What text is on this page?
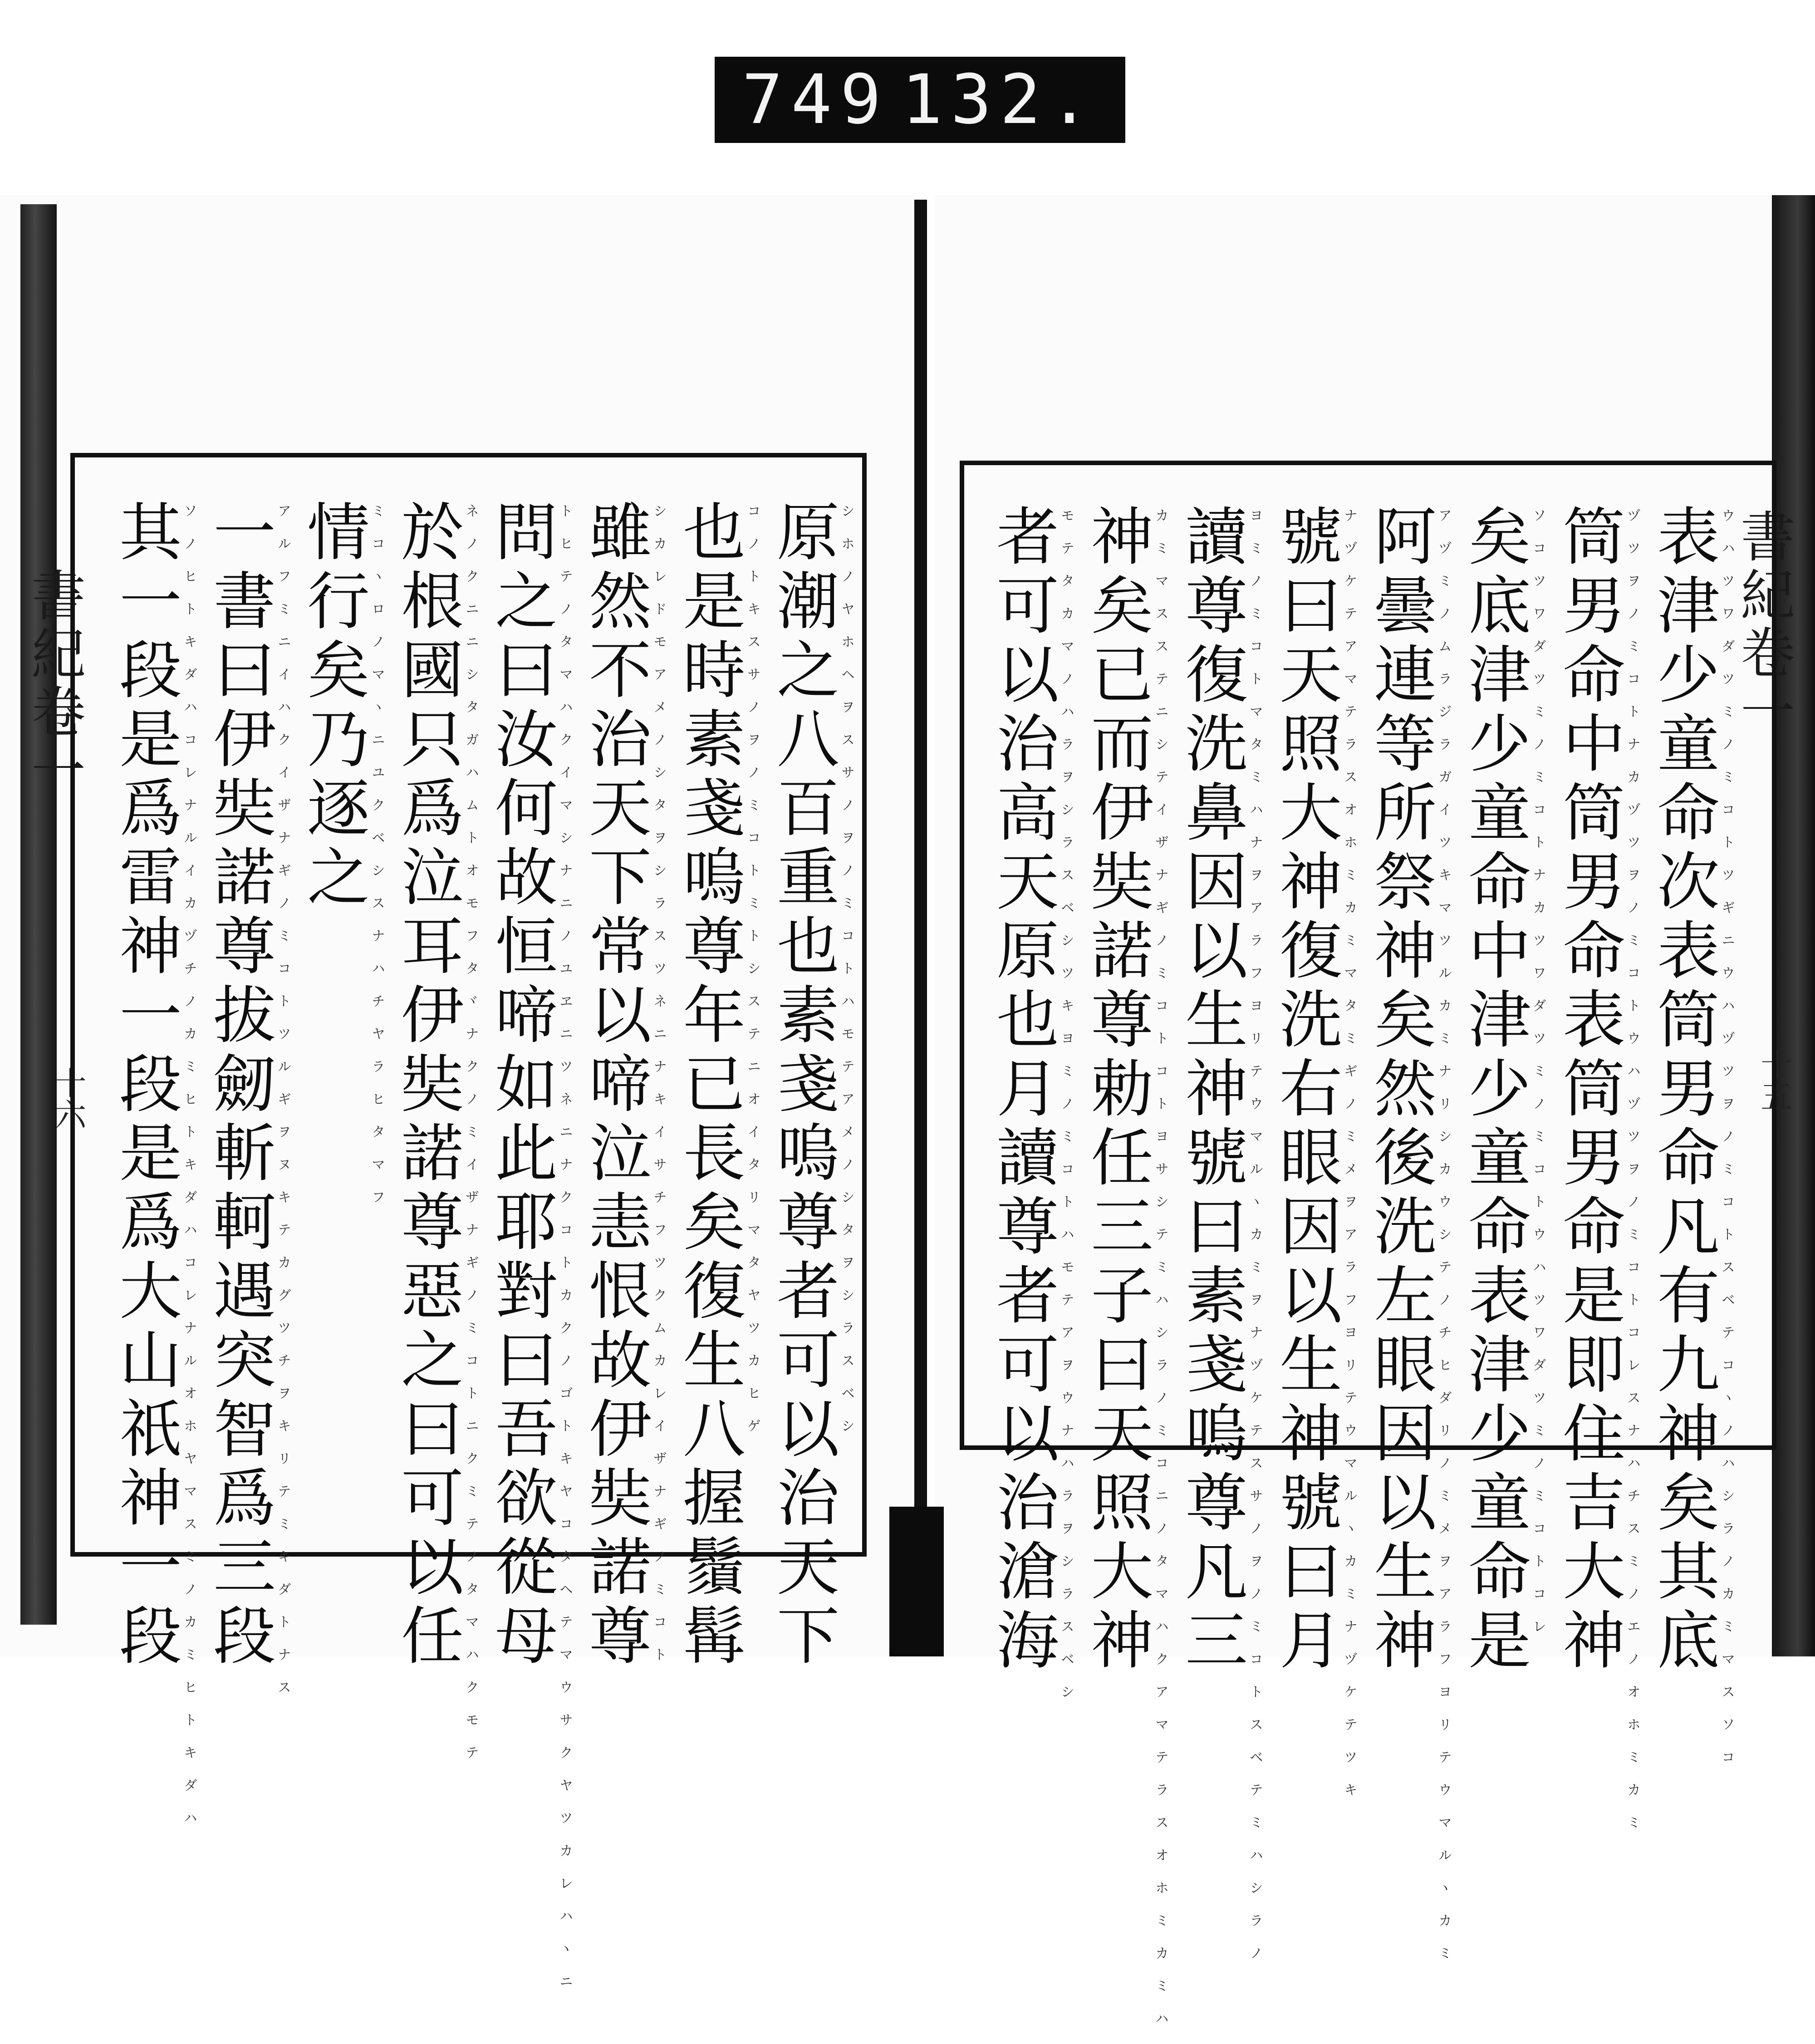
749 132.
書紀卷一
十六
書紀卷一
十五
表津少童命次表筒男命凡有九神矣其底
ウハツワダツミノミコトツギニウハヅツヲノミコトスベテコヽノハシラノカミマスソコ
筒男命中筒男命表筒男命是即住吉大神
ヅツヲノミコトナカヅツヲノミコトウハヅツヲノミコトコレスナハチスミノエノオホミカミ
矣底津少童命中津少童命表津少童命是
ソコツワダツミノミコトナカツワダツミノミコトウハツワダツミノミコトコレ
阿曇連等所祭神矣然後洗左眼因以生神
アヅミノムラジラガイツキマツルカミナリシカウシテノチヒダリノミメヲアラフヨリテウマルヽカミ
號曰天照大神復洗右眼因以生神號曰月
ナヅケテアマテラスオホミカミマタミギノミメヲアラフヨリテウマルヽカミナヅケテツキ
讀尊復洗鼻因以生神號曰素戔嗚尊凡三
ヨミノミコトマタミハナヲアラフヨリテウマルヽカミヲナヅケテスサノヲノミコトスベテミハシラノ
神矣已而伊奘諾尊勅任三子曰天照大神
カミマスステニシテイザナギノミコトコトヨサシテミハシラノミコニノタマハクアマテラスオホミカミハ
者可以治高天原也月讀尊者可以治滄海
モテタカマノハラヲシラスベシツキヨミノミコトハモテアヲウナハラヲシラスベシ
原潮之八百重也素戔嗚尊者可以治天下
シホノヤホヘヲスサノヲノミコトハモテアメノシタヲシラスベシ
也是時素戔嗚尊年已長矣復生八握鬚髯
コノトキスサノヲノミコトミトシステニオイタリマタヤツカヒゲ
雖然不治天下常以啼泣恚恨故伊奘諾尊
シカレドモアメノシタヲシラスツネニナキイサチフツクムカレイザナギノミコト
問之曰汝何故恒啼如此耶對曰吾欲從母
トヒテノタマハクイマシナニノユヱニツネニナクコトカクノゴトキヤコタヘテマウサクヤツカレハヽニ
於根國只爲泣耳伊奘諾尊惡之曰可以任
ネノクニニシタガハムトオモフタヾナクノミイザナギノミコトニクミテノタマハクモテ
情行矣乃逐之
ミコヽロノマヽニユクベシスナハチヤラヒタマフ
一書曰伊奘諾尊拔劒斬軻遇突智爲三段
アルフミニイハクイザナギノミコトツルギヲヌキテカグツチヲキリテミキダトナス
其一段是爲雷神一段是爲大山祇神一段
ソノヒトキダハコレナルイカヅチノカミヒトキダハコレナルオホヤマスミノカミヒトキダハ
